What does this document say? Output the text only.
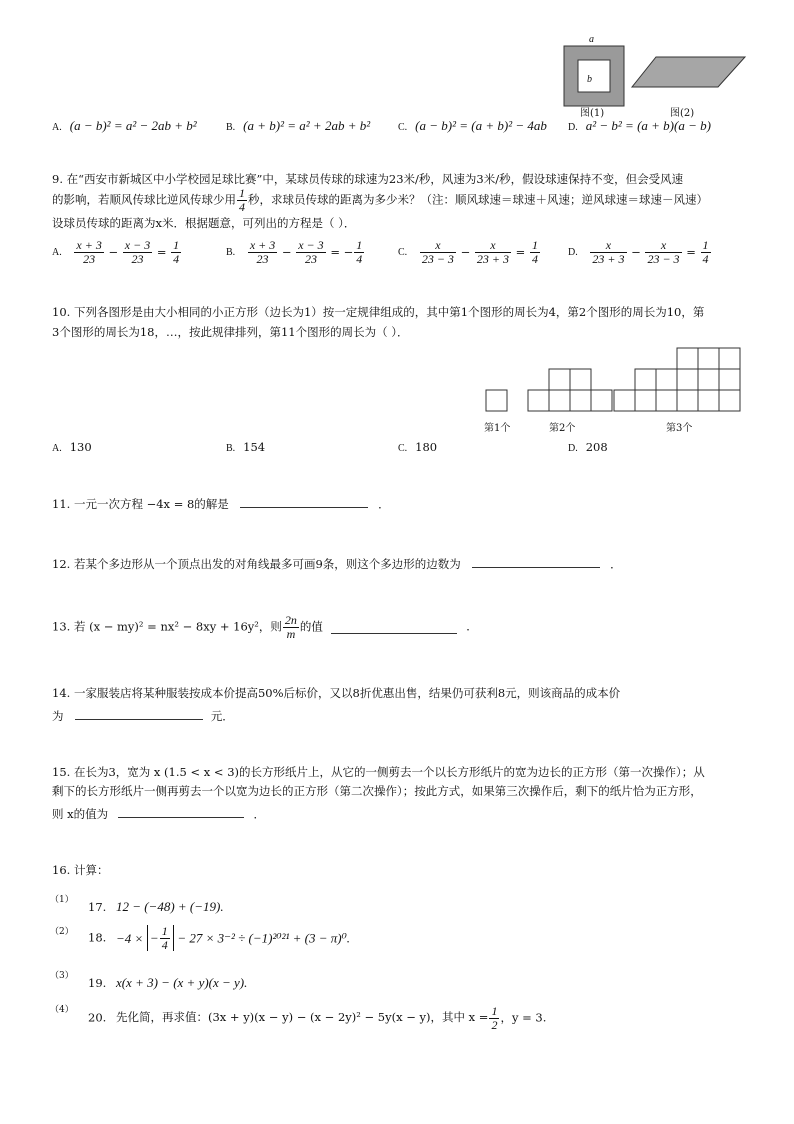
a
b
图(1)	图(2)
A. (a − b)² = a² − 2ab + b²	B. (a + b)² = a² + 2ab + b²	C. (a − b)² = (a + b)² − 4ab D. a² − b² = (a + b)(a − b)
9. 在“西安市新城区中小学校园足球比赛”中，某球员传球的球速为23米/秒，风速为3米/秒，假设球速保持不变，但会受风速
的影响，若顺风传球比逆风传球少用 $\frac{1}{4}$ 秒，求球员传球的距离为多少米？（注：顺风球速＝球速＋风速；逆风球速＝球速－风速）
设球员传球的距离为x米．根据题意，可列出的方程是（ ）．
A. $\frac{x + 3}{23} - \frac{x - 3}{23} = \frac{1}{4}$	B. $\frac{x + 3}{23} - \frac{x - 3}{23}$ = − $\frac{1}{4}$	C. $\frac{x}{23 - 3} - \frac{x}{23 + 3} = \frac{1}{4}$	D. $\frac{x}{23 + 3} - \frac{x}{23 - 3} = \frac{1}{4}$
10. 下列各图形是由大小相同的小正方形（边长为1）按一定规律组成的，其中第1个图形的周长为4，第2个图形的周长为10，第
3个图形的周长为18，…，按此规律排列，第11个图形的周长为（ ）．
第1个	第2个	第3个
A. 130	B. 154	C. 180	D. 208
11. 一元一次方程 −4x = 8的解是	．
12. 若某个多边形从一个顶点出发的对角线最多可画9条，则这个多边形的边数为	．
13. 若 (x − my)² = nx² − 8xy + 16y²，则 $\frac{2n}{m}$ 的值	．
14. 一家服装店将某种服装按成本价提高50%后标价，又以8折优惠出售，结果仍可获利8元，则该商品的成本价
为	元．
15. 在长为3，宽为 x (1.5 < x < 3)的长方形纸片上，从它的一侧剪去一个以长方形纸片的宽为边长的正方形（第一次操作）；从
剩下的长方形纸片一侧再剪去一个以宽为边长的正方形（第二次操作）；按此方式，如果第三次操作后，剩下的纸片恰为正方形，
则 x的值为	．
16. 计算：
（1） 17. 12 − (−48) + (−19).
（2） 18. −4 × − $\frac{1}{4} - 27 \times 3^{-2} \div (-1)^{2021} + (3 - \pi)^0$.
（3） 19. x(x + 3) − (x + y)(x − y).
（4）
20. 先化简，再求值：(3x + y)(x − y) − (x − 2y)² − 5y(x − y)，其中 $x = \frac{1}{2}$ ，y = 3.
